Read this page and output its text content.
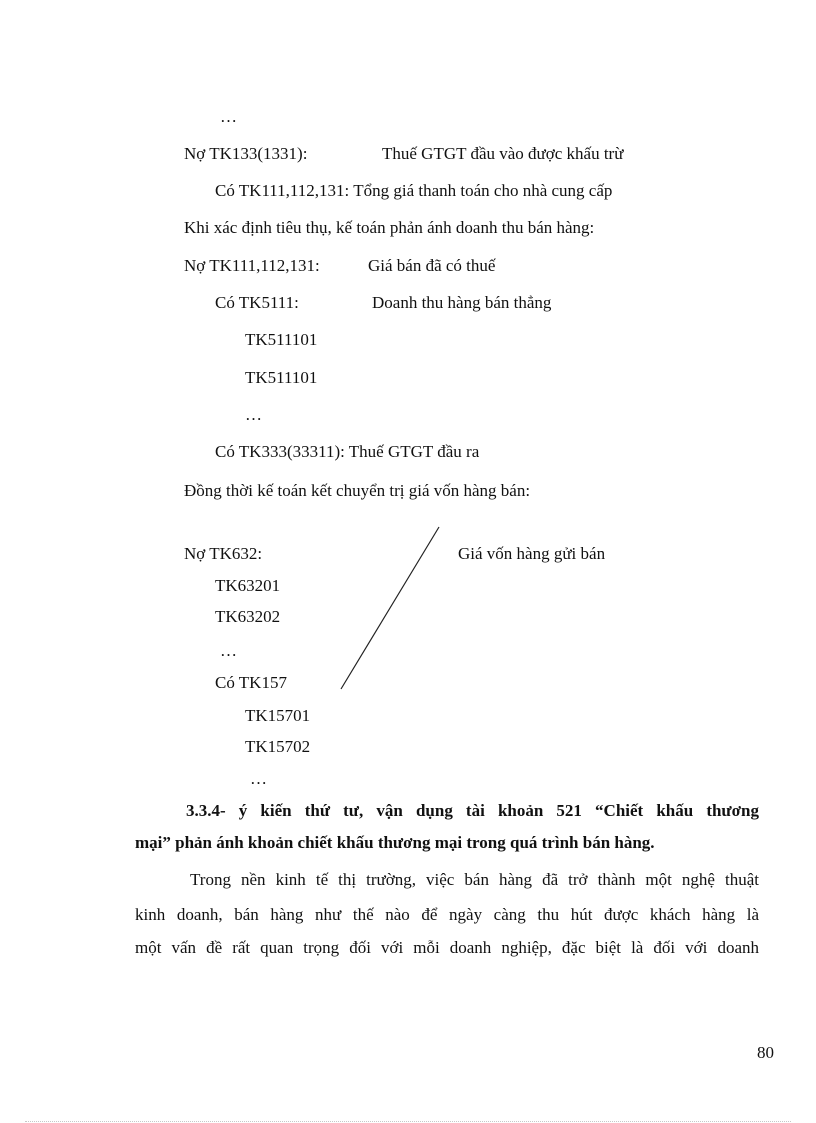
…
Nợ TK133(1331):	Thuế GTGT đầu vào được khấu trừ
Có TK111,112,131: Tổng giá thanh toán cho nhà cung cấp
Khi xác định tiêu thụ, kế toán phản ánh doanh thu bán hàng:
Nợ TK111,112,131:	Giá bán đã có thuế
Có TK5111:	Doanh thu hàng bán thẳng
TK511101
TK511101
…
Có TK333(33311): Thuế GTGT đầu ra
Đồng thời kế toán kết chuyển trị giá vốn hàng bán:
Nợ TK632:	Giá vốn hàng gửi bán
TK63201
TK63202
…
Có TK157
TK15701
TK15702
…
3.3.4- ý kiến thứ tư, vận dụng tài khoản 521 “Chiết khấu thương
mại” phản ánh khoản chiết khấu thương mại trong quá trình bán hàng.
Trong nền kinh tế thị trường, việc bán hàng đã trở thành một nghệ thuật
kinh doanh, bán hàng như thế nào để ngày càng thu hút được khách hàng là
một vấn đề rất quan trọng đối với mỗi doanh nghiệp, đặc biệt là đối với doanh
80
